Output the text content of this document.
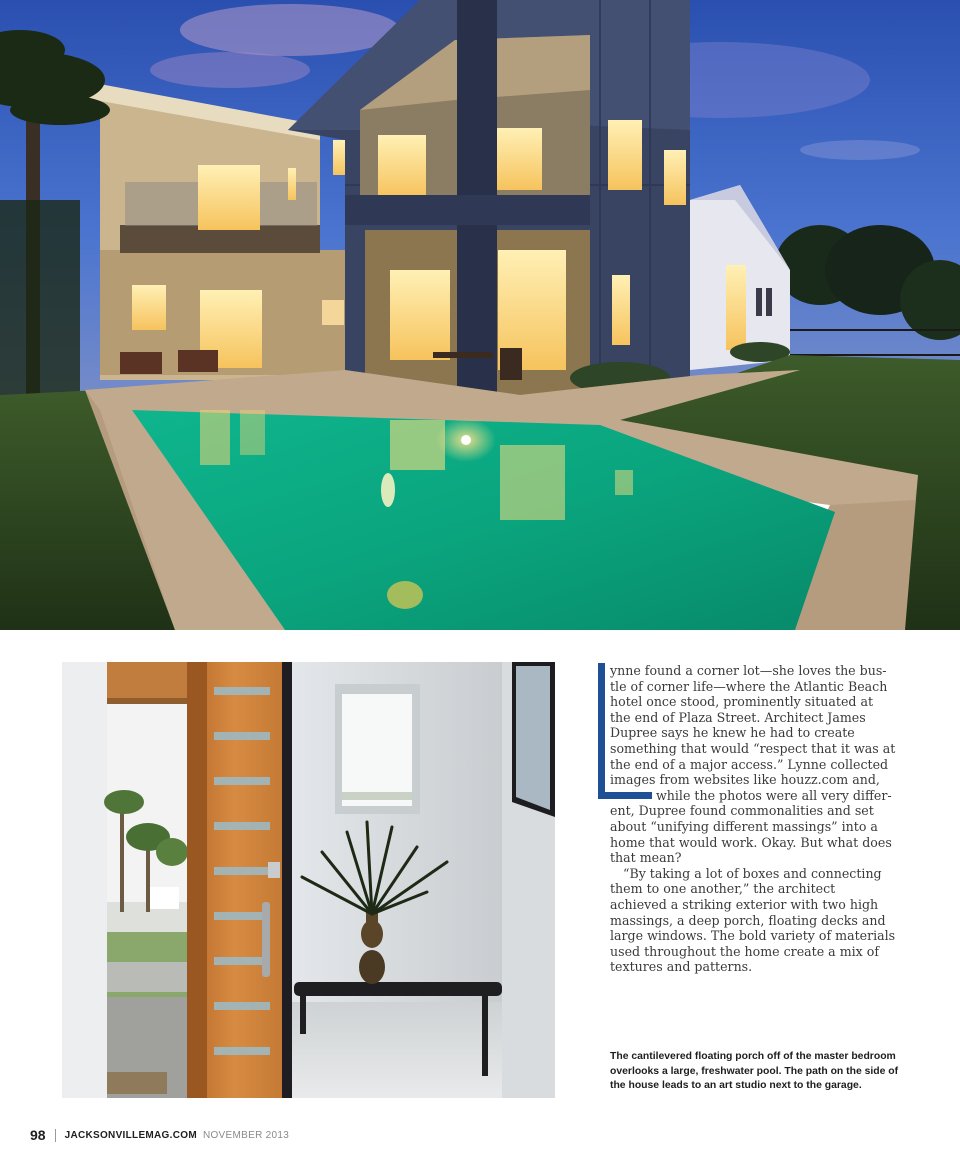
ynne found a corner lot—she loves the bus-
tle of corner life—where the Atlantic Beach
hotel once stood, prominently situated at
the end of Plaza Street. Architect James
Dupree says he knew he had to create
something that would “respect that it was at
the end of a major access.” Lynne collected
images from websites like houzz.com and,
while the photos were all very differ-
ent, Dupree found commonalities and set
about “unifying different massings” into a
home that would work. Okay. But what does
that mean?

“By taking a lot of boxes and connecting
them to one another,” the architect
achieved a striking exterior with two high
massings, a deep porch, floating decks and
large windows. The bold variety of materials
used throughout the home create a mix of
textures and patterns.

The cantilevered floating porch off of the master bedroom
overlooks a large, freshwater pool. The path on the side of
the house leads to an art studio next to the garage.
98 JACKSONVILLEMAG.COM NOVEMBER 2013
